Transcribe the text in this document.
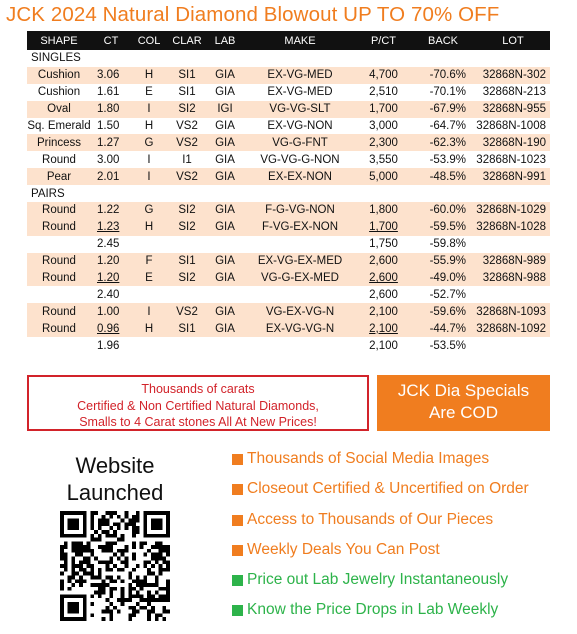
JCK 2024 Natural Diamond Blowout UP TO 70% OFF
SHAPE	CT	COL	CLAR	LAB	MAKE	P/CT	BACK	LOT
SINGLES								
Cushion	3.06	H	SI1	GIA	EX-VG-MED	4,700	-70.6%	32868N-302
Cushion	1.61	E	SI1	GIA	EX-VG-MED	2,510	-70.1%	32868N-213
Oval	1.80	I	SI2	IGI	VG-VG-SLT	1,700	-67.9%	32868N-955
Sq. Emerald	1.50	H	VS2	GIA	EX-VG-NON	3,000	-64.7%	32868N-1008
Princess	1.27	G	VS2	GIA	VG-G-FNT	2,300	-62.3%	32868N-190
Round	3.00	I	I1	GIA	VG-VG-G-NON	3,550	-53.9%	32868N-1023
Pear	2.01	I	VS2	GIA	EX-EX-NON	5,000	-48.5%	32868N-991
PAIRS								
Round	1.22	G	SI2	GIA	F-G-VG-NON	1,800	-60.0%	32868N-1029
Round	1.23	H	SI2	GIA	F-VG-EX-NON	1,700	-59.5%	32868N-1028
	2.45					1,750	-59.8%	
Round	1.20	F	SI1	GIA	EX-VG-EX-MED	2,600	-55.9%	32868N-989
Round	1.20	E	SI2	GIA	VG-G-EX-MED	2,600	-49.0%	32868N-988
	2.40					2,600	-52.7%	
Round	1.00	I	VS2	GIA	VG-EX-VG-N	2,100	-59.6%	32868N-1093
Round	0.96	H	SI1	GIA	EX-VG-VG-N	2,100	-44.7%	32868N-1092
	1.96					2,100	-53.5%	
Thousands of carats
Certified & Non Certified Natural Diamonds,
Smalls to 4 Carat stones All At New Prices!
JCK Dia Specials
Are COD
Website
Launched
Thousands of Social Media Images
Closeout Certified & Uncertified on Order
Access to Thousands of Our Pieces
Weekly Deals You Can Post
Price out Lab Jewelry Instantaneously
Know the Price Drops in Lab Weekly
